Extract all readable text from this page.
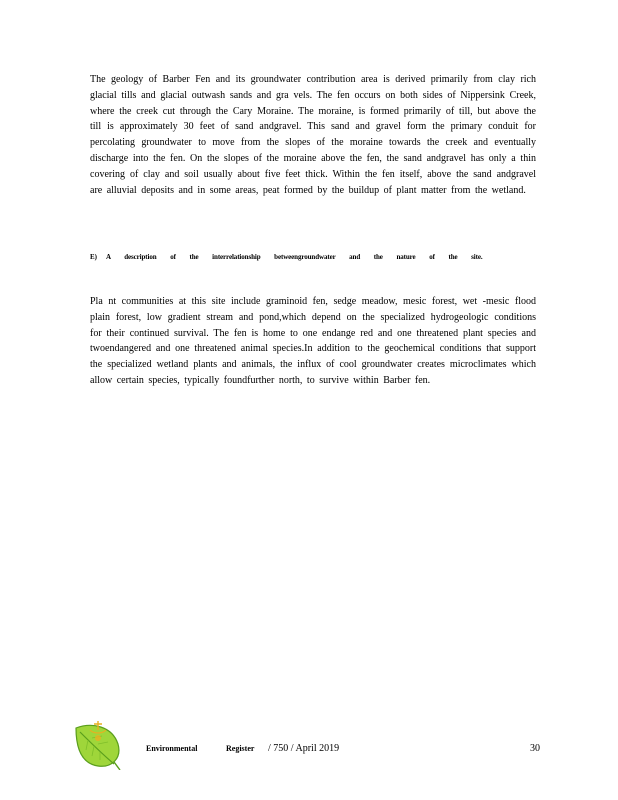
The geology of Barber Fen and its groundwater contribution area is derived primarily from clay rich glacial tills and glacial outwash sands and gra vels. The fen occurs on both sides of Nippersink Creek, where the creek cut through the Cary Moraine. The moraine, is formed primarily of till, but above the till is approximately 30 feet of sand andgravel. This sand and gravel form the primary conduit for percolating groundwater to move from the slopes of the moraine towards the creek and eventually discharge into the fen. On the slopes of the moraine above the fen, the sand andgravel has only a thin covering of clay and soil usually about five feet thick. Within the fen itself, above the sand andgravel are alluvial deposits and in some areas, peat formed by the buildup of plant matter from the wetland.

E) A description of the interrelationship betweengroundwater and the nature of the site.

Pla nt communities at this site include graminoid fen, sedge meadow, mesic forest, wet -mesic flood plain forest, low gradient stream and pond,which depend on the specialized hydrogeologic conditions for their continued survival. The fen is home to one endange red and one threatened plant species and twoendangered and one threatened animal species.In addition to the geochemical conditions that support the specialized wetland plants and animals, the influx of cool groundwater creates microclimates which allow certain species, typically foundfurther north, to survive within Barber fen.

Environmental	Register / 750 / April 2019	30
